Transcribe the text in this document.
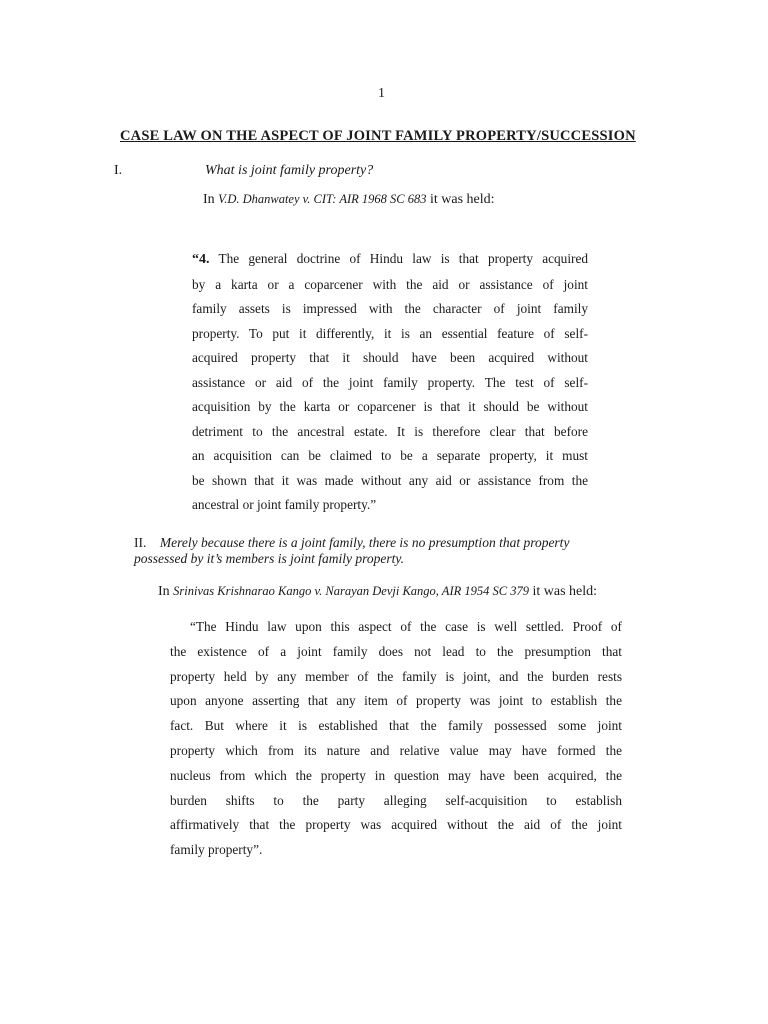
1
CASE LAW ON THE ASPECT OF JOINT FAMILY PROPERTY/SUCCESSION
I.	What is joint family property?
In V.D. Dhanwatey v. CIT: AIR 1968 SC 683 it was held:
“4. The general doctrine of Hindu law is that property acquired
by a karta or a coparcener with the aid or assistance of joint
family assets is impressed with the character of joint family
property. To put it differently, it is an essential feature of self-
acquired property that it should have been acquired without
assistance or aid of the joint family property. The test of self-
acquisition by the karta or coparcener is that it should be without
detriment to the ancestral estate. It is therefore clear that before
an acquisition can be claimed to be a separate property, it must
be shown that it was made without any aid or assistance from the
ancestral or joint family property.”
II. Merely because there is a joint family, there is no presumption that property
possessed by it’s members is joint family property.
In Srinivas Krishnarao Kango v. Narayan Devji Kango, AIR 1954 SC 379 it was held:
“The Hindu law upon this aspect of the case is well settled. Proof of
the existence of a joint family does not lead to the presumption that
property held by any member of the family is joint, and the burden rests
upon anyone asserting that any item of property was joint to establish the
fact. But where it is established that the family possessed some joint
property which from its nature and relative value may have formed the
nucleus from which the property in question may have been acquired, the
burden shifts to the party alleging self-acquisition to establish
affirmatively that the property was acquired without the aid of the joint
family property”.
